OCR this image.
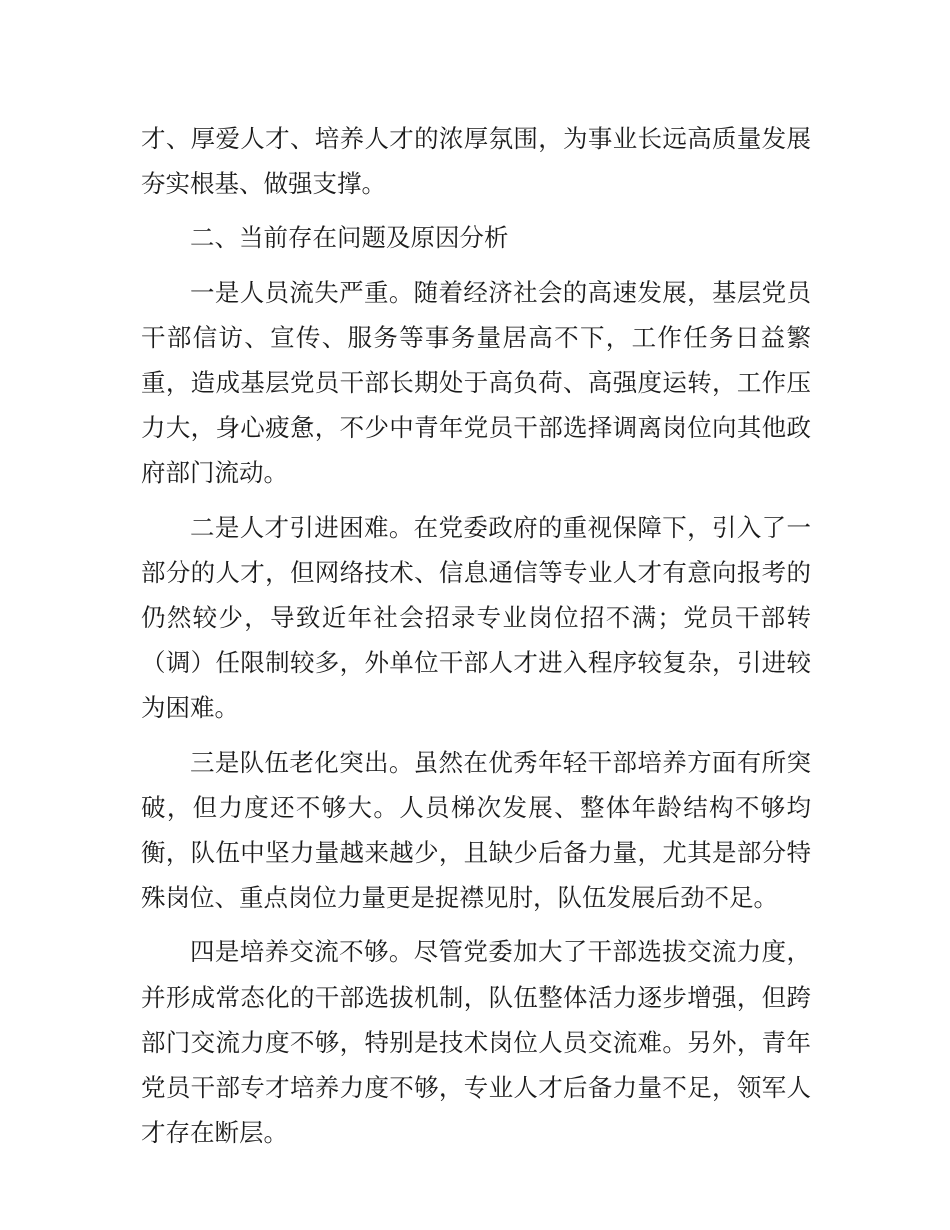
才、厚爱人才、培养人才的浓厚氛围，为事业长远高质量发展夯实根基、做强支撑。

二、当前存在问题及原因分析

一是人员流失严重。随着经济社会的高速发展，基层党员干部信访、宣传、服务等事务量居高不下，工作任务日益繁重，造成基层党员干部长期处于高负荷、高强度运转，工作压力大，身心疲惫，不少中青年党员干部选择调离岗位向其他政府部门流动。

二是人才引进困难。在党委政府的重视保障下，引入了一部分的人才，但网络技术、信息通信等专业人才有意向报考的仍然较少，导致近年社会招录专业岗位招不满；党员干部转（调）任限制较多，外单位干部人才进入程序较复杂，引进较为困难。

三是队伍老化突出。虽然在优秀年轻干部培养方面有所突破，但力度还不够大。人员梯次发展、整体年龄结构不够均衡，队伍中坚力量越来越少，且缺少后备力量，尤其是部分特殊岗位、重点岗位力量更是捉襟见肘，队伍发展后劲不足。

四是培养交流不够。尽管党委加大了干部选拔交流力度，并形成常态化的干部选拔机制，队伍整体活力逐步增强，但跨部门交流力度不够，特别是技术岗位人员交流难。另外，青年党员干部专才培养力度不够，专业人才后备力量不足，领军人才存在断层。
